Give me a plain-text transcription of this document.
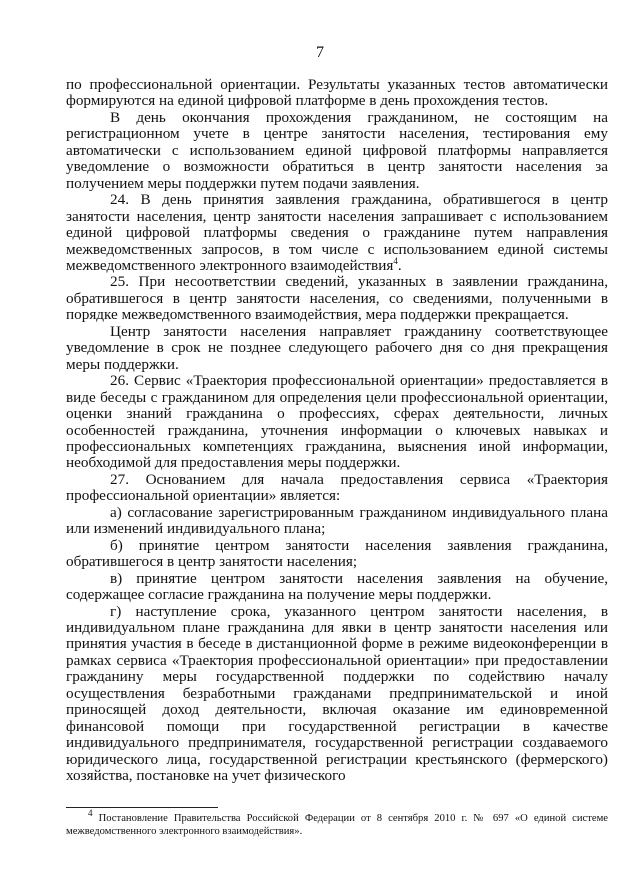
7

по профессиональной ориентации. Результаты указанных тестов автоматически формируются на единой цифровой платформе в день прохождения тестов.

В день окончания прохождения гражданином, не состоящим на регистрационном учете в центре занятости населения, тестирования ему автоматически с использованием единой цифровой платформы направляется уведомление о возможности обратиться в центр занятости населения за получением меры поддержки путем подачи заявления.

24. В день принятия заявления гражданина, обратившегося в центр занятости населения, центр занятости населения запрашивает с использованием единой цифровой платформы сведения о гражданине путем направления межведомственных запросов, в том числе с использованием единой системы межведомственного электронного взаимодействия$^4$.

25. При несоответствии сведений, указанных в заявлении гражданина, обратившегося в центр занятости населения, со сведениями, полученными в порядке межведомственного взаимодействия, мера поддержки прекращается.

Центр занятости населения направляет гражданину соответствующее уведомление в срок не позднее следующего рабочего дня со дня прекращения меры поддержки.

26. Сервис «Траектория профессиональной ориентации» предоставляется в виде беседы с гражданином для определения цели профессиональной ориентации, оценки знаний гражданина о профессиях, сферах деятельности, личных особенностей гражданина, уточнения информации о ключевых навыках и профессиональных компетенциях гражданина, выяснения иной информации, необходимой для предоставления меры поддержки.

27. Основанием для начала предоставления сервиса «Траектория профессиональной ориентации» является:

а) согласование зарегистрированным гражданином индивидуального плана или изменений индивидуального плана;

б) принятие центром занятости населения заявления гражданина, обратившегося в центр занятости населения;

в) принятие центром занятости населения заявления на обучение, содержащее согласие гражданина на получение меры поддержки.

г) наступление срока, указанного центром занятости населения, в индивидуальном плане гражданина для явки в центр занятости населения или принятия участия в беседе в дистанционной форме в режиме видеоконференции в рамках сервиса «Траектория профессиональной ориентации» при предоставлении гражданину меры государственной поддержки по содействию началу осуществления безработными гражданами предпринимательской и иной приносящей доход деятельности, включая оказание им единовременной финансовой помощи при государственной регистрации в качестве индивидуального предпринимателя, государственной регистрации создаваемого юридического лица, государственной регистрации крестьянского (фермерского) хозяйства, постановке на учет физического

$^4$ Постановление Правительства Российской Федерации от 8 сентября 2010 г. № 697 «О единой системе межведомственного электронного взаимодействия».
